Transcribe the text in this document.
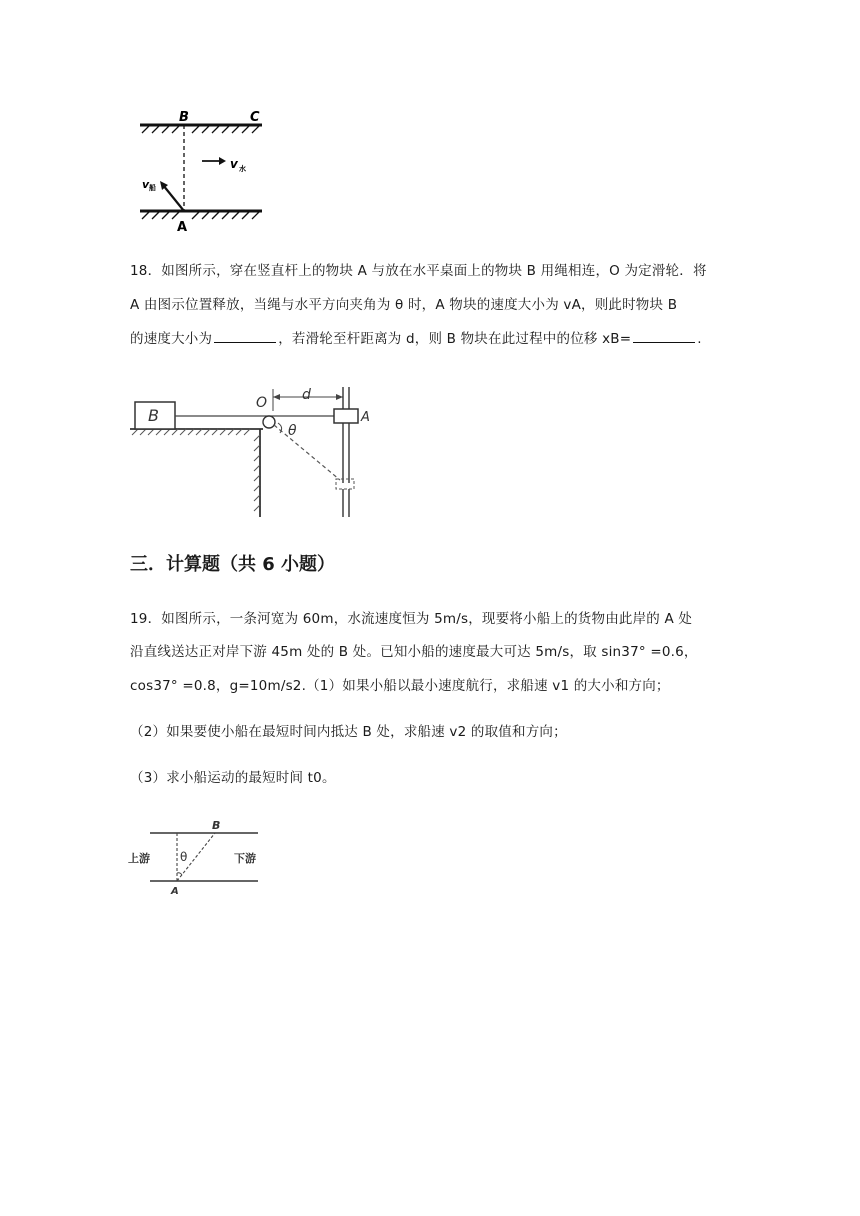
B	C
A
v 水
v 船
18．如图所示，穿在竖直杆上的物块 A 与放在水平桌面上的物块 B 用绳相连，O 为定滑轮．将
A 由图示位置释放，当绳与水平方向夹角为 θ 时，A 物块的速度大小为 vA，则此时物块 B
的速度大小为	，若滑轮至杆距离为 d，则 B 物块在此过程中的位移 xB=	.
B
O d
A
θ
三．计算题（共 6 小题）
19．如图所示，一条河宽为 60m，水流速度恒为 5m/s，现要将小船上的货物由此岸的 A 处
沿直线送达正对岸下游 45m 处的 B 处。已知小船的速度最大可达 5m/s，取 sin37° =0.6，
cos37° =0.8，g=10m/s2.（1）如果小船以最小速度航行，求船速 v1 的大小和方向；
（2）如果要使小船在最短时间内抵达 B 处，求船速 v2 的取值和方向；
（3）求小船运动的最短时间 t0。
θ
B
A
上游	下游
